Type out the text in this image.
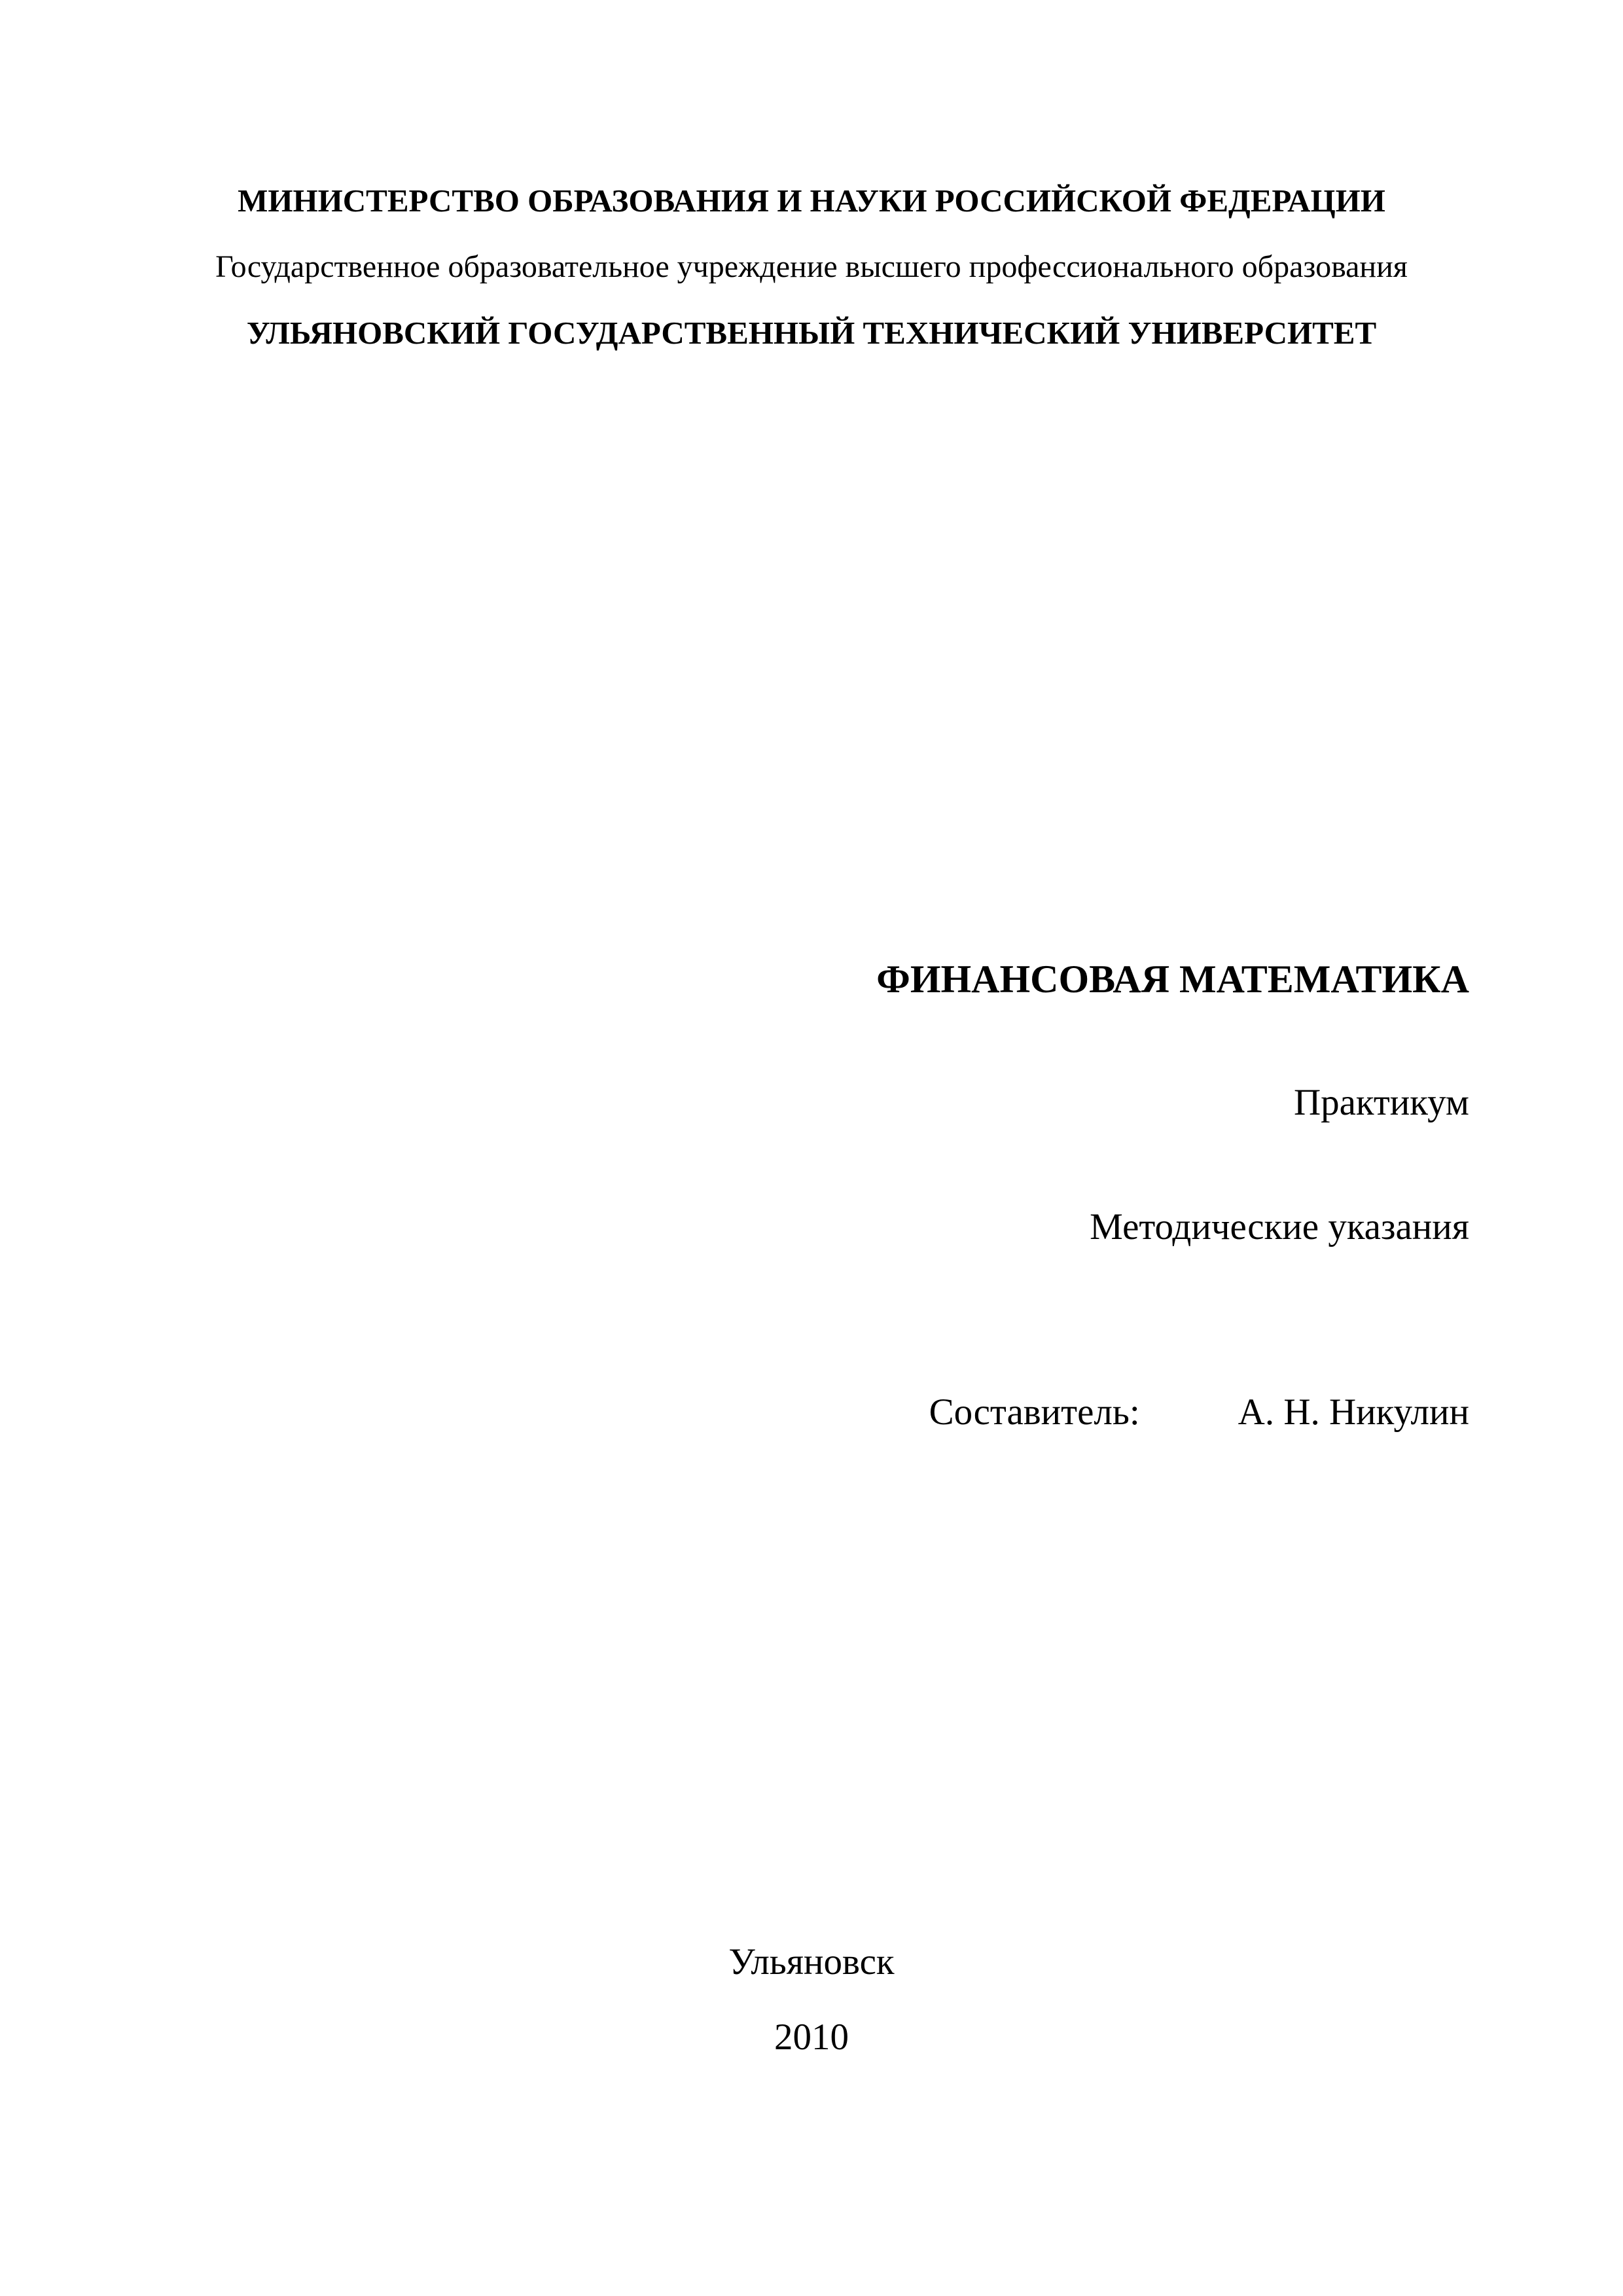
МИНИСТЕРСТВО ОБРАЗОВАНИЯ И НАУКИ РОССИЙСКОЙ ФЕДЕРАЦИИ
Государственное образовательное учреждение высшего профессионального образования
УЛЬЯНОВСКИЙ ГОСУДАРСТВЕННЫЙ ТЕХНИЧЕСКИЙ УНИВЕРСИТЕТ
ФИНАНСОВАЯ МАТЕМАТИКА
Практикум
Методические указания
Составитель:	А. Н. Никулин
Ульяновск
2010
